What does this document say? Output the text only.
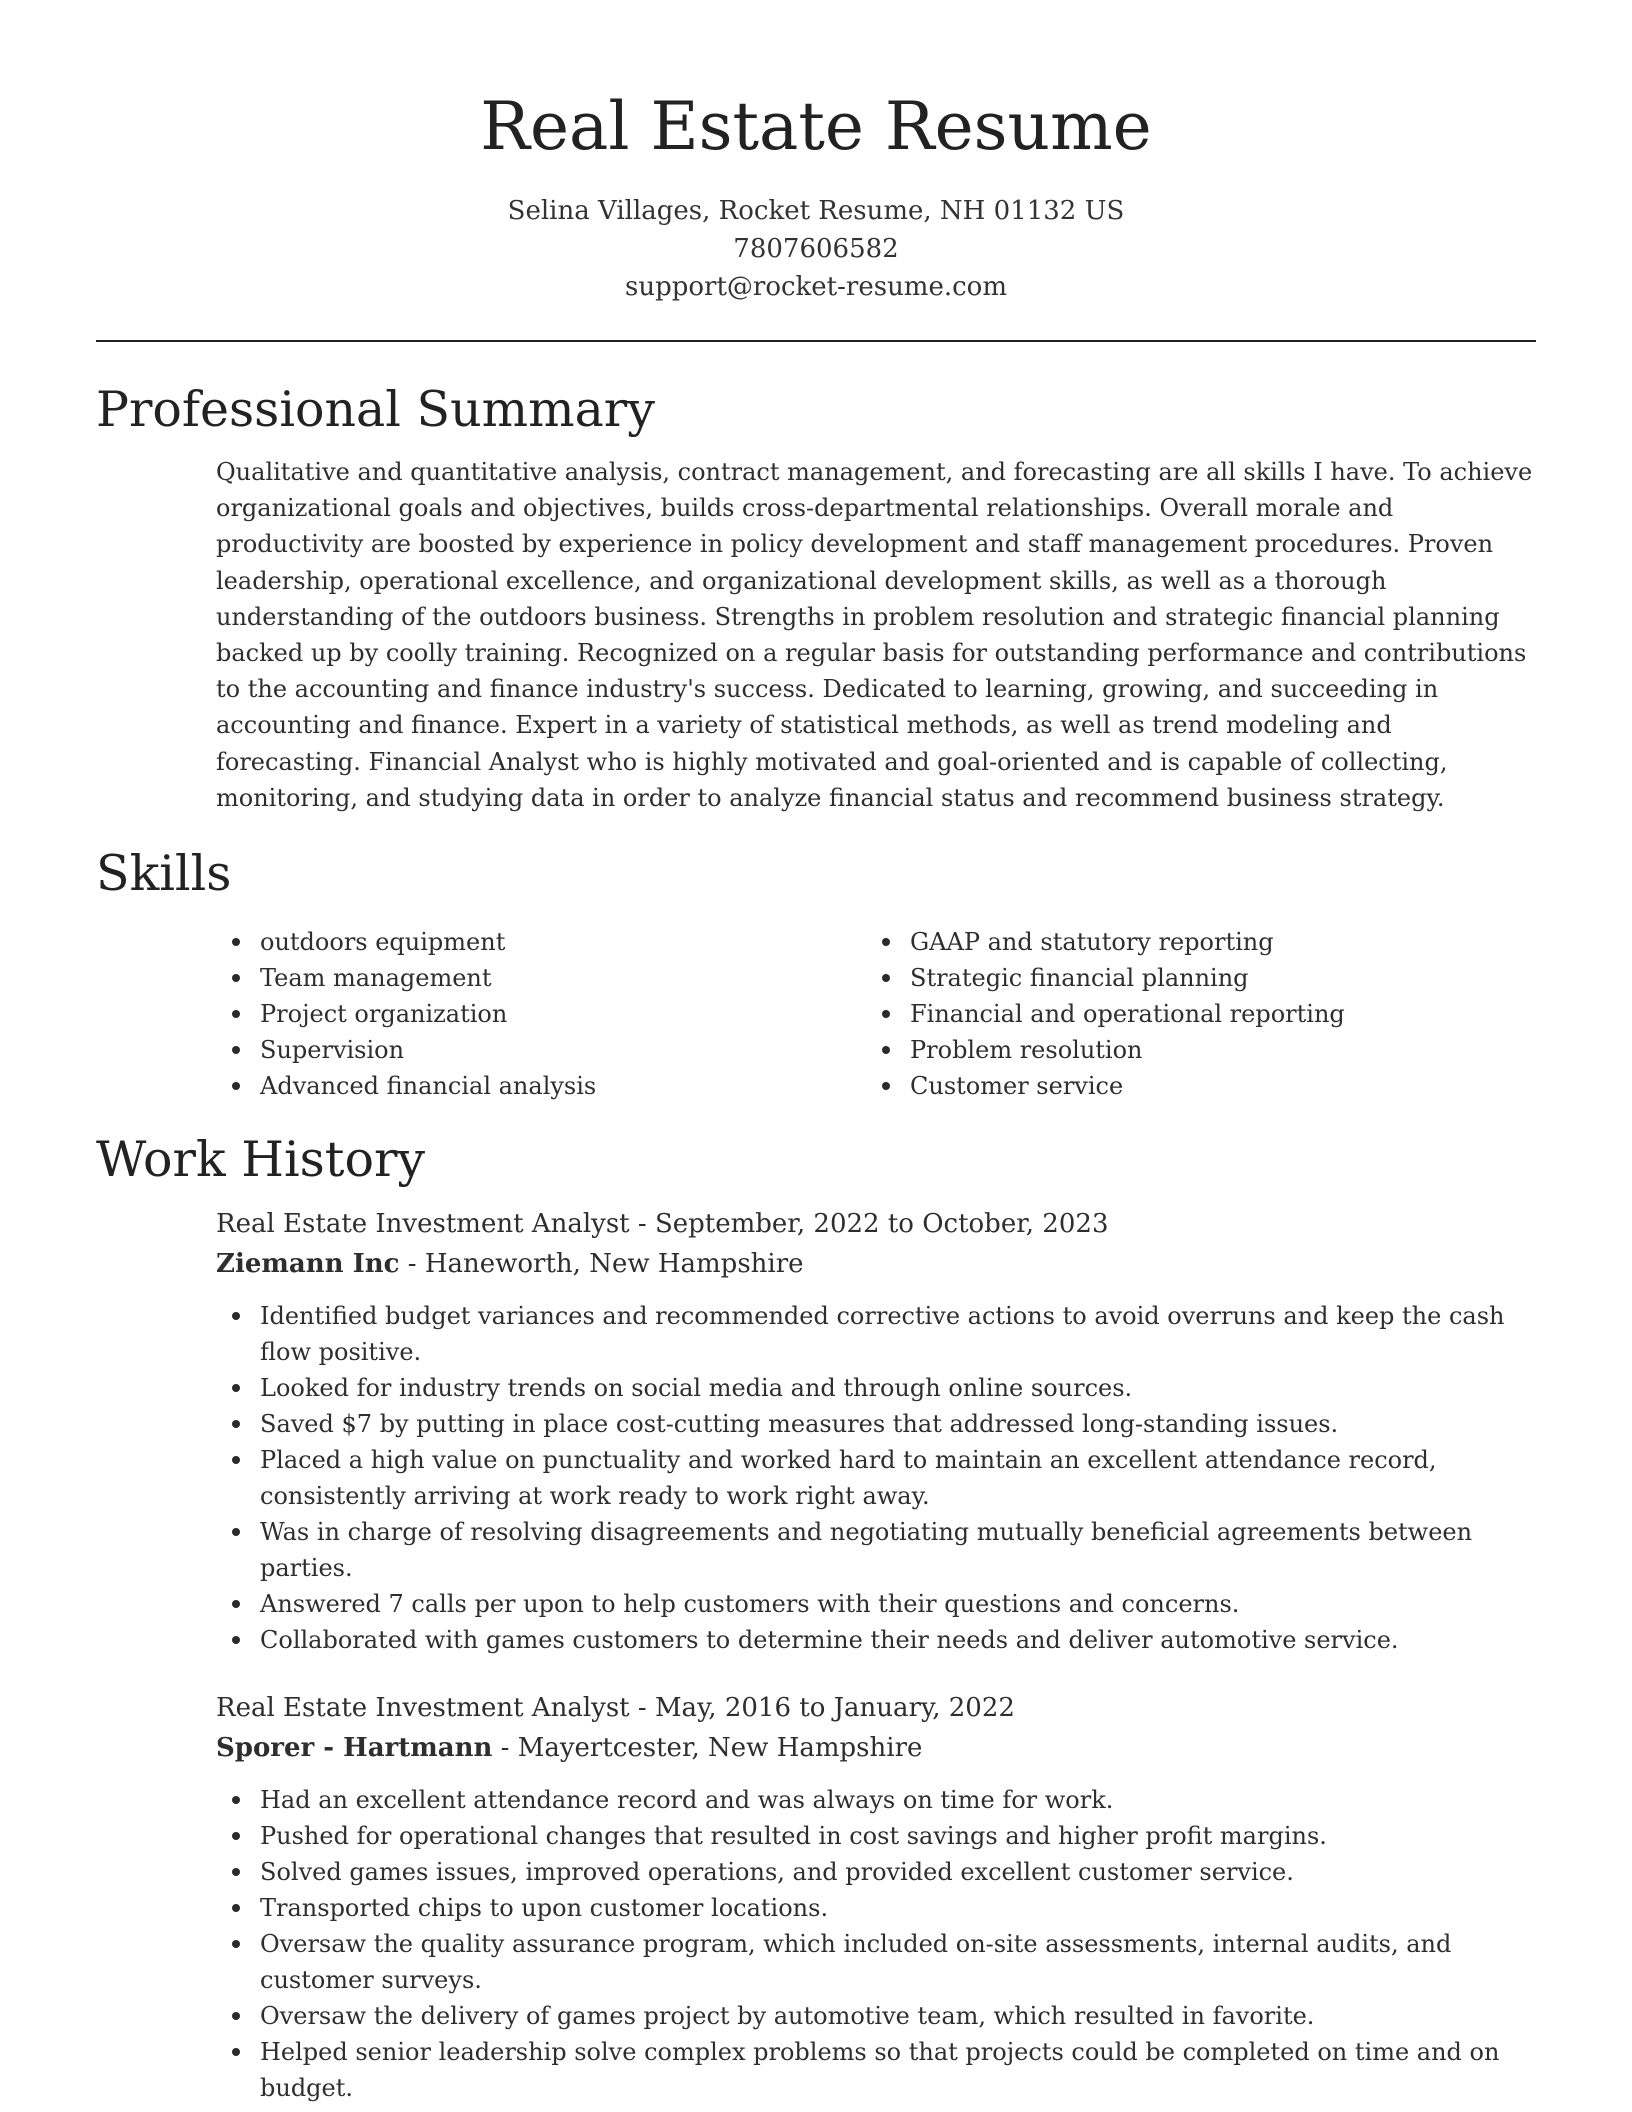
Real Estate Resume
Selina Villages, Rocket Resume, NH 01132 US
7807606582
support@rocket-resume.com
Professional Summary

Qualitative and quantitative analysis, contract management, and forecasting are all skills I have. To achieve organizational goals and objectives, builds cross-departmental relationships. Overall morale and productivity are boosted by experience in policy development and staff management procedures. Proven leadership, operational excellence, and organizational development skills, as well as a thorough understanding of the outdoors business. Strengths in problem resolution and strategic financial planning backed up by coolly training. Recognized on a regular basis for outstanding performance and contributions to the accounting and finance industry's success. Dedicated to learning, growing, and succeeding in accounting and finance. Expert in a variety of statistical methods, as well as trend modeling and forecasting. Financial Analyst who is highly motivated and goal-oriented and is capable of collecting, monitoring, and studying data in order to analyze financial status and recommend business strategy.

Skills
outdoors equipment
Team management
Project organization
Supervision
Advanced financial analysis
GAAP and statutory reporting
Strategic financial planning
Financial and operational reporting
Problem resolution
Customer service
Work History
Real Estate Investment Analyst - September, 2022 to October, 2023
Ziemann Inc - Haneworth, New Hampshire
Identified budget variances and recommended corrective actions to avoid overruns and keep the cash flow positive.
Looked for industry trends on social media and through online sources.
Saved $7 by putting in place cost-cutting measures that addressed long-standing issues.
Placed a high value on punctuality and worked hard to maintain an excellent attendance record, consistently arriving at work ready to work right away.
Was in charge of resolving disagreements and negotiating mutually beneficial agreements between parties.
Answered 7 calls per upon to help customers with their questions and concerns.
Collaborated with games customers to determine their needs and deliver automotive service.
Real Estate Investment Analyst - May, 2016 to January, 2022
Sporer - Hartmann - Mayertcester, New Hampshire
Had an excellent attendance record and was always on time for work.
Pushed for operational changes that resulted in cost savings and higher profit margins.
Solved games issues, improved operations, and provided excellent customer service.
Transported chips to upon customer locations.
Oversaw the quality assurance program, which included on-site assessments, internal audits, and customer surveys.
Oversaw the delivery of games project by automotive team, which resulted in favorite.
Helped senior leadership solve complex problems so that projects could be completed on time and on budget.
